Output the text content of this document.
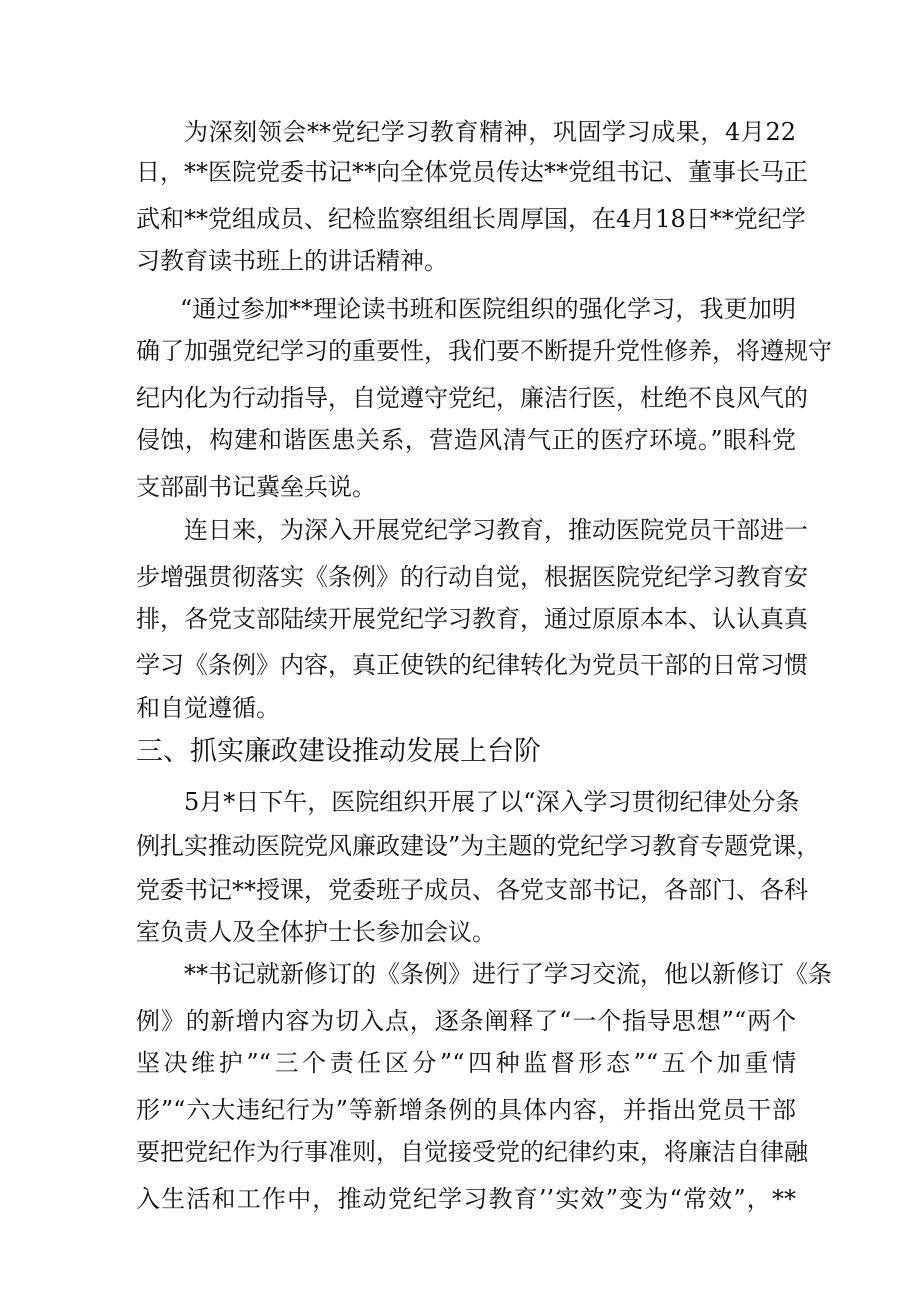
为深刻领会**党纪学习教育精神，巩固学习成果，4月22
日，**医院党委书记**向全体党员传达**党组书记、董事长马正
武和**党组成员、纪检监察组组长周厚国，在4月18日**党纪学
习教育读书班上的讲话精神。
“通过参加**理论读书班和医院组织的强化学习，我更加明
确了加强党纪学习的重要性，我们要不断提升党性修养，将遵规守
纪内化为行动指导，自觉遵守党纪，廉洁行医，杜绝不良风气的
侵蚀，构建和谐医患关系，营造风清气正的医疗环境。”眼科党
支部副书记冀垒兵说。
连日来，为深入开展党纪学习教育，推动医院党员干部进一
步增强贯彻落实《条例》的行动自觉，根据医院党纪学习教育安
排，各党支部陆续开展党纪学习教育，通过原原本本、认认真真
学习《条例》内容，真正使铁的纪律转化为党员干部的日常习惯
和自觉遵循。
三、抓实廉政建设推动发展上台阶
5月*日下午，医院组织开展了以“深入学习贯彻纪律处分条
例扎实推动医院党风廉政建设”为主题的党纪学习教育专题党课，
党委书记**授课，党委班子成员、各党支部书记，各部门、各科
室负责人及全体护士长参加会议。
**书记就新修订的《条例》进行了学习交流，他以新修订《条
例》的新增内容为切入点，逐条阐释了“一个指导思想”“两个
坚决维护”“三个责任区分”“四种监督形态”“五个加重情
形”“六大违纪行为”等新增条例的具体内容，并指出党员干部
要把党纪作为行事准则，自觉接受党的纪律约束，将廉洁自律融
入生活和工作中，推动党纪学习教育’’实效”变为“常效”，**
